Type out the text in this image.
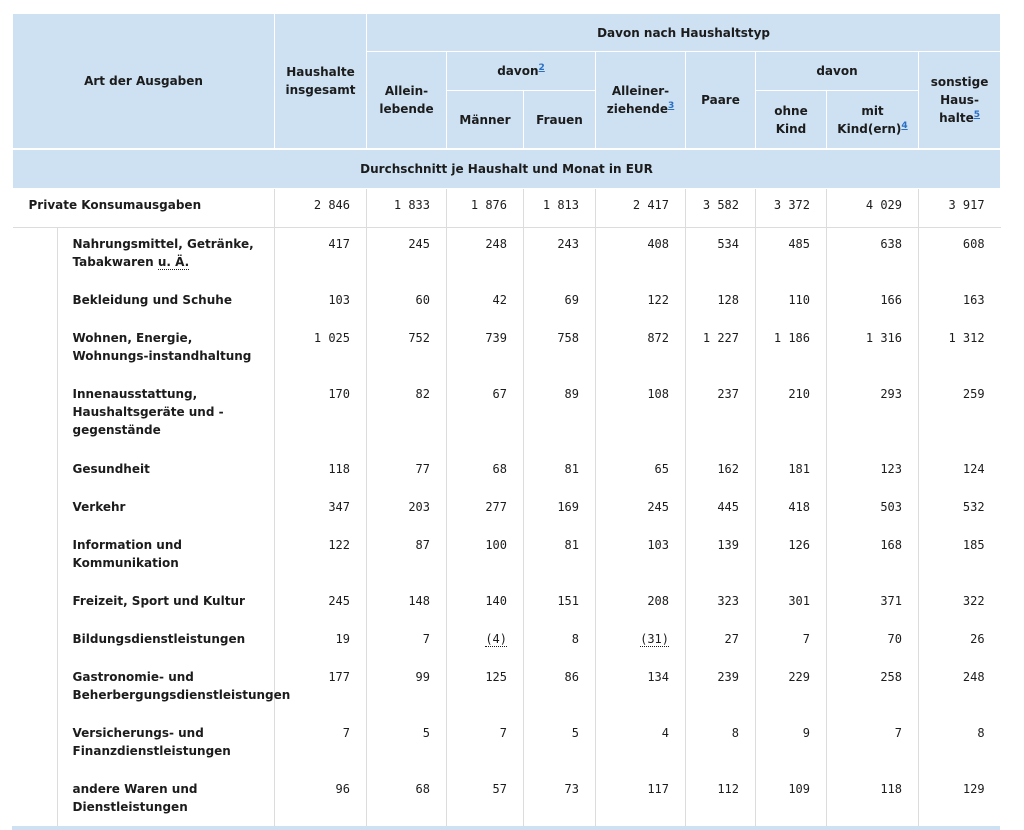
Art der Ausgaben	Haushalte insgesamt	Davon nach Haushaltstyp							
		Allein-lebende	davon$^2$		Alleiner-ziehende$^3$	Paare	davon		sonstige Haus-halte$^5$
			Männer	Frauen			ohne Kind	mit Kind(ern)$^4$
Durchschnitt je Haushalt und Monat in EUR									
Private Konsumausgaben	2 846	1 833	1 876	1 813	2 417	3 582	3 372	4 029	3 917
Nahrungsmittel, Getränke, Tabakwaren u. Ä.	417	245	248	243	408	534	485	638	608
Bekleidung und Schuhe	103	60	42	69	122	128	110	166	163
Wohnen, Energie, Wohnungs-instandhaltung	1 025	752	739	758	872	1 227	1 186	1 316	1 312
Innenausstattung, Haushaltsgeräte und -gegenstände	170	82	67	89	108	237	210	293	259
Gesundheit	118	77	68	81	65	162	181	123	124
Verkehr	347	203	277	169	245	445	418	503	532
Information und Kommunikation	122	87	100	81	103	139	126	168	185
Freizeit, Sport und Kultur	245	148	140	151	208	323	301	371	322
Bildungsdienstleistungen	19	7	(4)	8	(31)	27	7	70	26
Gastronomie- und Beherbergungsdienstleistungen	177	99	125	86	134	239	229	258	248
Versicherungs- und Finanzdienstleistungen	7	5	7	5	4	8	9	7	8
andere Waren und Dienstleistungen	96	68	57	73	117	112	109	118	129
